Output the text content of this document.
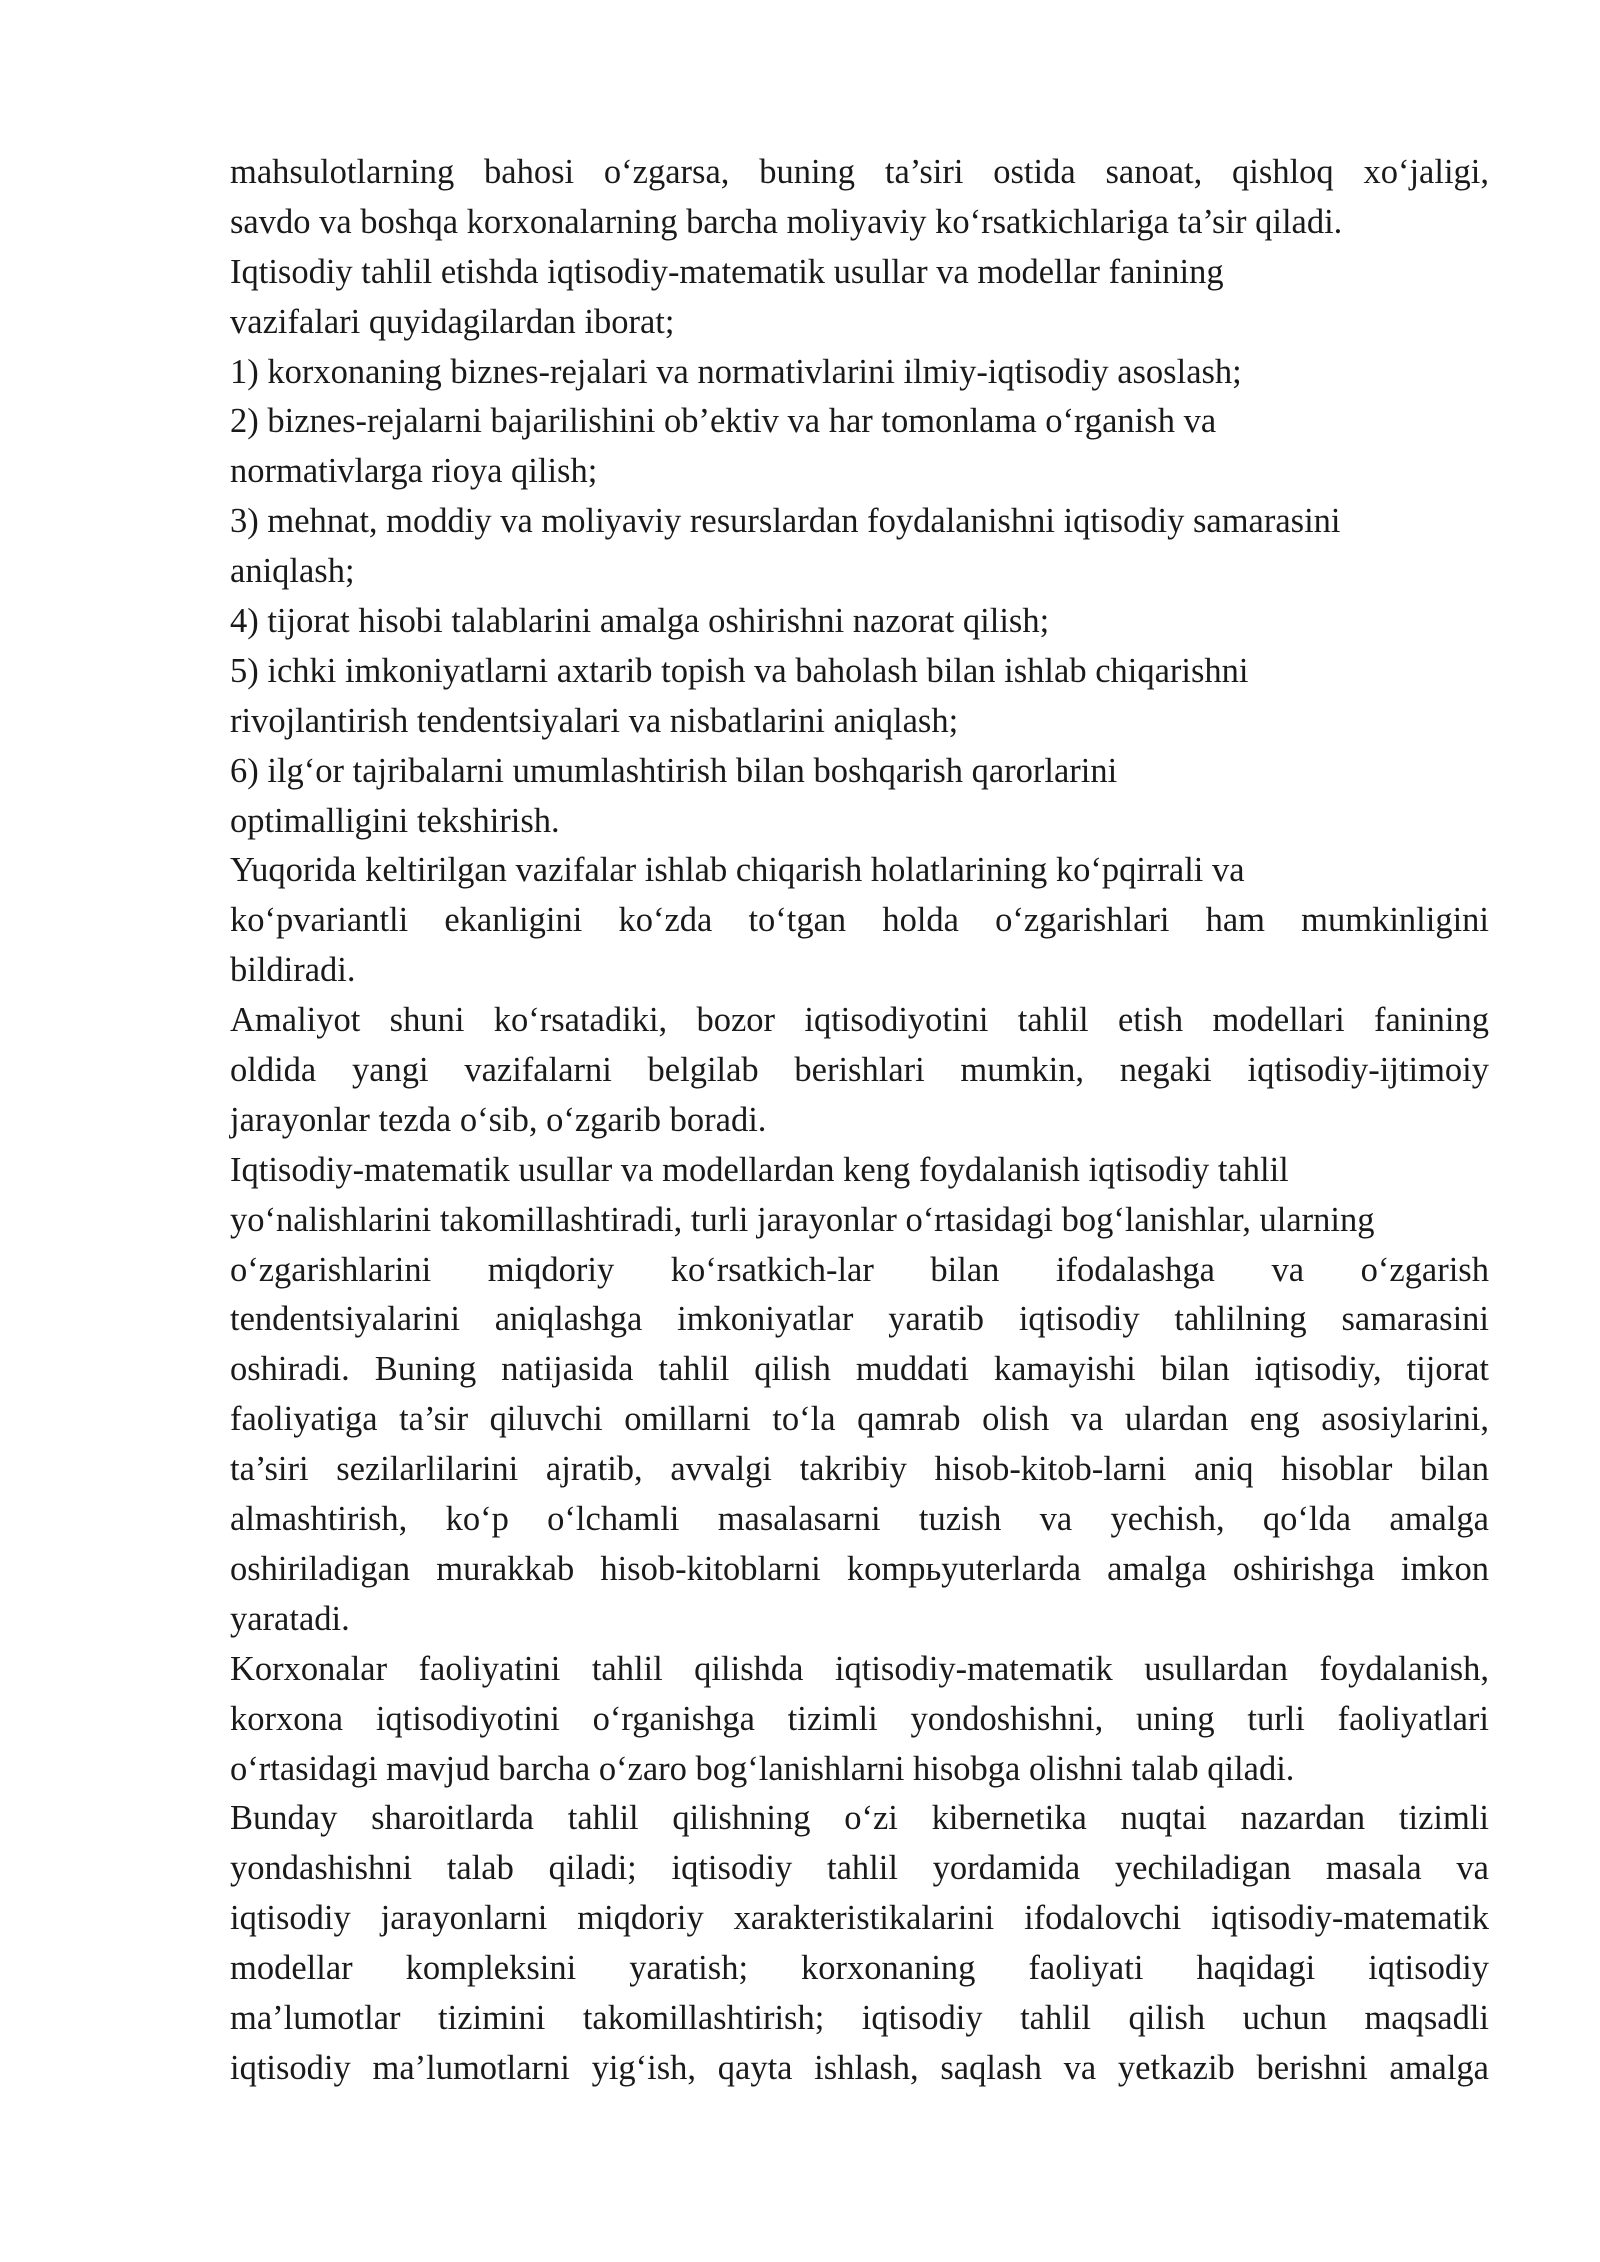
mahsulotlarning bahosi o‘zgarsa, buning ta’siri ostida sanoat, qishloq xo‘jaligi,
savdo va boshqa korxonalarning barcha moliyaviy ko‘rsatkichlariga ta’sir qiladi.
Iqtisodiy tahlil etishda iqtisodiy-matematik usullar va modellar fanining
vazifalari quyidagilardan iborat;
1) korxonaning biznes-rejalari va normativlarini ilmiy-iqtisodiy asoslash;
2) biznes-rejalarni bajarilishini ob’ektiv va har tomonlama o‘rganish va
normativlarga rioya qilish;
3) mehnat, moddiy va moliyaviy resurslardan foydalanishni iqtisodiy samarasini
aniqlash;
4) tijorat hisobi talablarini amalga oshirishni nazorat qilish;
5) ichki imkoniyatlarni axtarib topish va baholash bilan ishlab chiqarishni
rivojlantirish tendentsiyalari va nisbatlarini aniqlash;
6) ilg‘or tajribalarni umumlashtirish bilan boshqarish qarorlarini
optimalligini tekshirish.
Yuqorida keltirilgan vazifalar ishlab chiqarish holatlarining ko‘pqirrali va
ko‘pvariantli ekanligini ko‘zda to‘tgan holda o‘zgarishlari ham mumkinligini
bildiradi.
Amaliyot shuni ko‘rsatadiki, bozor iqtisodiyotini tahlil etish modellari fanining
oldida yangi vazifalarni belgilab berishlari mumkin, negaki iqtisodiy-ijtimoiy
jarayonlar tezda o‘sib, o‘zgarib boradi.
Iqtisodiy-matematik usullar va modellardan keng foydalanish iqtisodiy tahlil
yo‘nalishlarini takomillashtiradi, turli jarayonlar o‘rtasidagi bog‘lanishlar, ularning
o‘zgarishlarini miqdoriy ko‘rsatkich-lar bilan ifodalashga va o‘zgarish
tendentsiyalarini aniqlashga imkoniyatlar yaratib iqtisodiy tahlilning samarasini
oshiradi. Buning natijasida tahlil qilish muddati kamayishi bilan iqtisodiy, tijorat
faoliyatiga ta’sir qiluvchi omillarni to‘la qamrab olish va ulardan eng asosiylarini,
ta’siri sezilarlilarini ajratib, avvalgi takribiy hisob-kitob-larni aniq hisoblar bilan
almashtirish, ko‘p o‘lchamli masalasarni tuzish va yechish, qo‘lda amalga
oshiriladigan murakkab hisob-kitoblarni kompьyuterlarda amalga oshirishga imkon
yaratadi.
Korxonalar faoliyatini tahlil qilishda iqtisodiy-matematik usullardan foydalanish,
korxona iqtisodiyotini o‘rganishga tizimli yondoshishni, uning turli faoliyatlari
o‘rtasidagi mavjud barcha o‘zaro bog‘lanishlarni hisobga olishni talab qiladi.
Bunday sharoitlarda tahlil qilishning o‘zi kibernetika nuqtai nazardan tizimli
yondashishni talab qiladi; iqtisodiy tahlil yordamida yechiladigan masala va
iqtisodiy jarayonlarni miqdoriy xarakteristikalarini ifodalovchi iqtisodiy-matematik
modellar kompleksini yaratish; korxonaning faoliyati haqidagi iqtisodiy
ma’lumotlar tizimini takomillashtirish; iqtisodiy tahlil qilish uchun maqsadli
iqtisodiy ma’lumotlarni yig‘ish, qayta ishlash, saqlash va yetkazib berishni amalga
